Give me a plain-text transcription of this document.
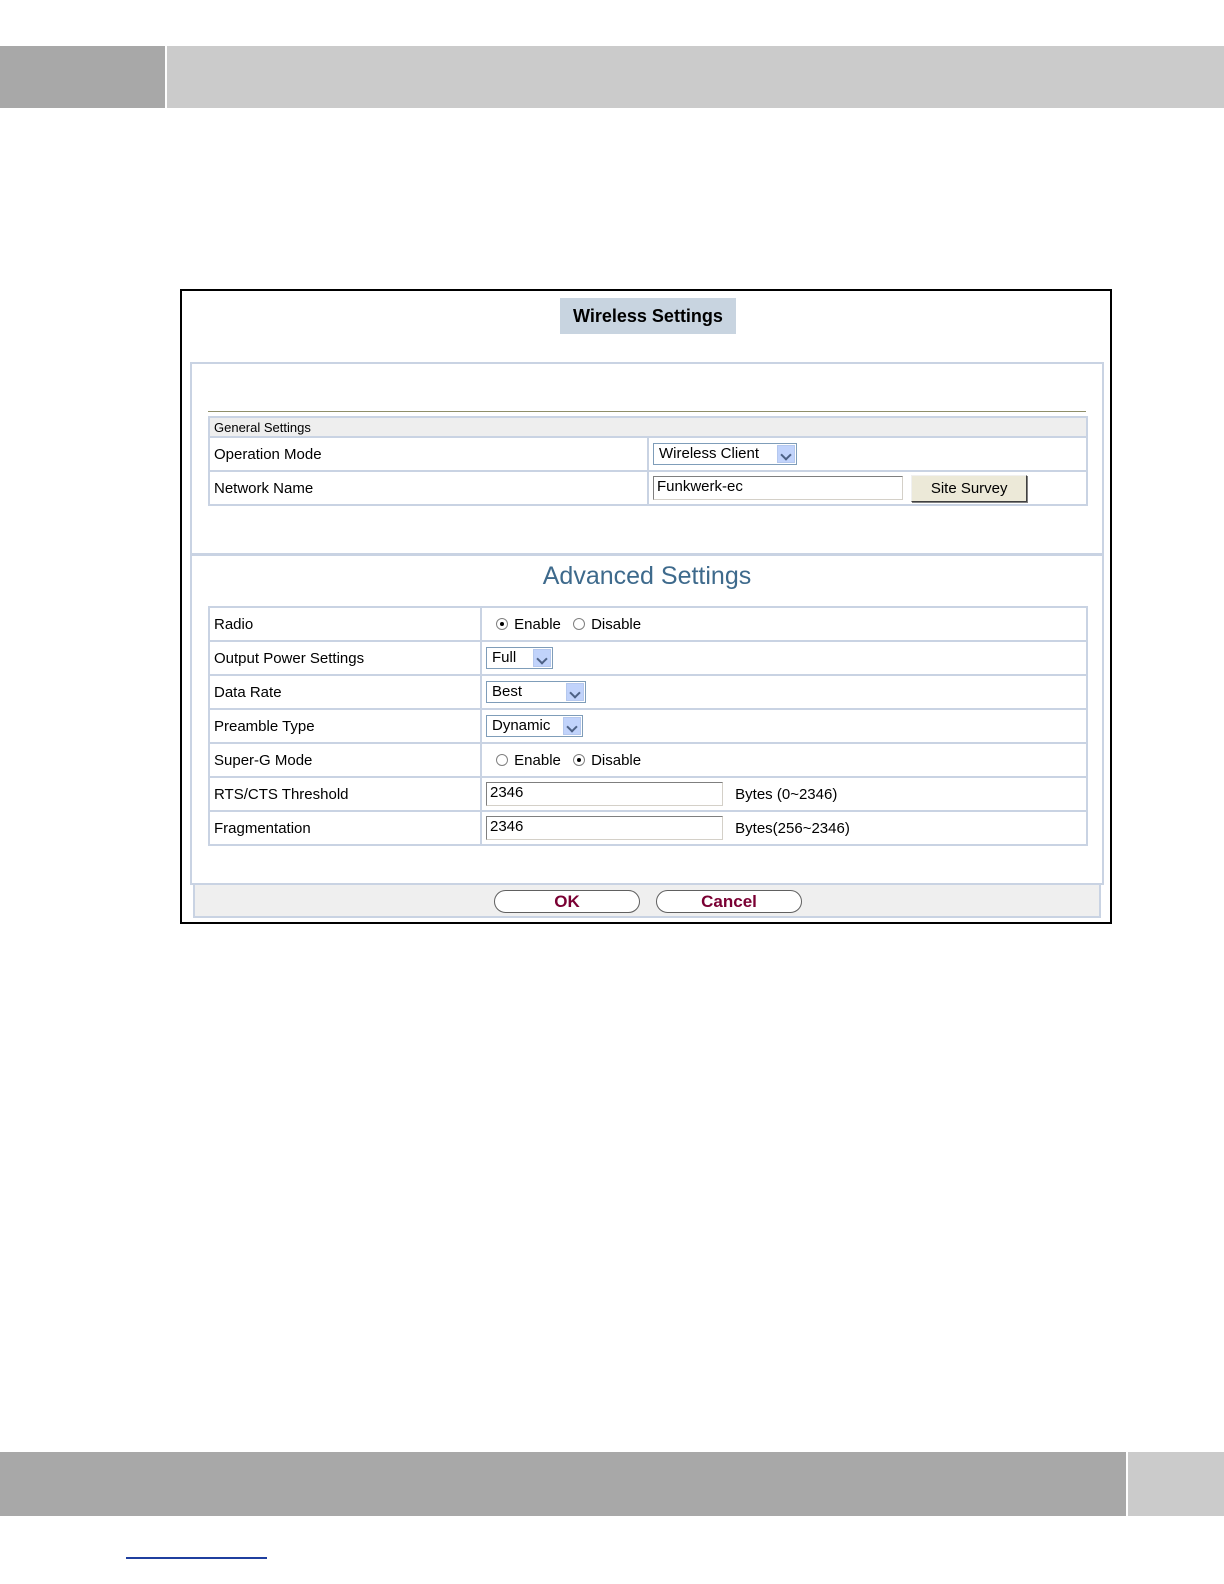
Wireless Settings
General Settings	
Operation Mode	Wireless Client

Network Name	Funkwerk-ec Site Survey
Advanced Settings
Radio	Enable Disable
Output Power Settings	Full

Data Rate	Best

Preamble Type	Dynamic

Super-G Mode	Enable Disable
RTS/CTS Threshold	2346 Bytes (0~2346)
Fragmentation	2346 Bytes(256~2346)
OK	Cancel
